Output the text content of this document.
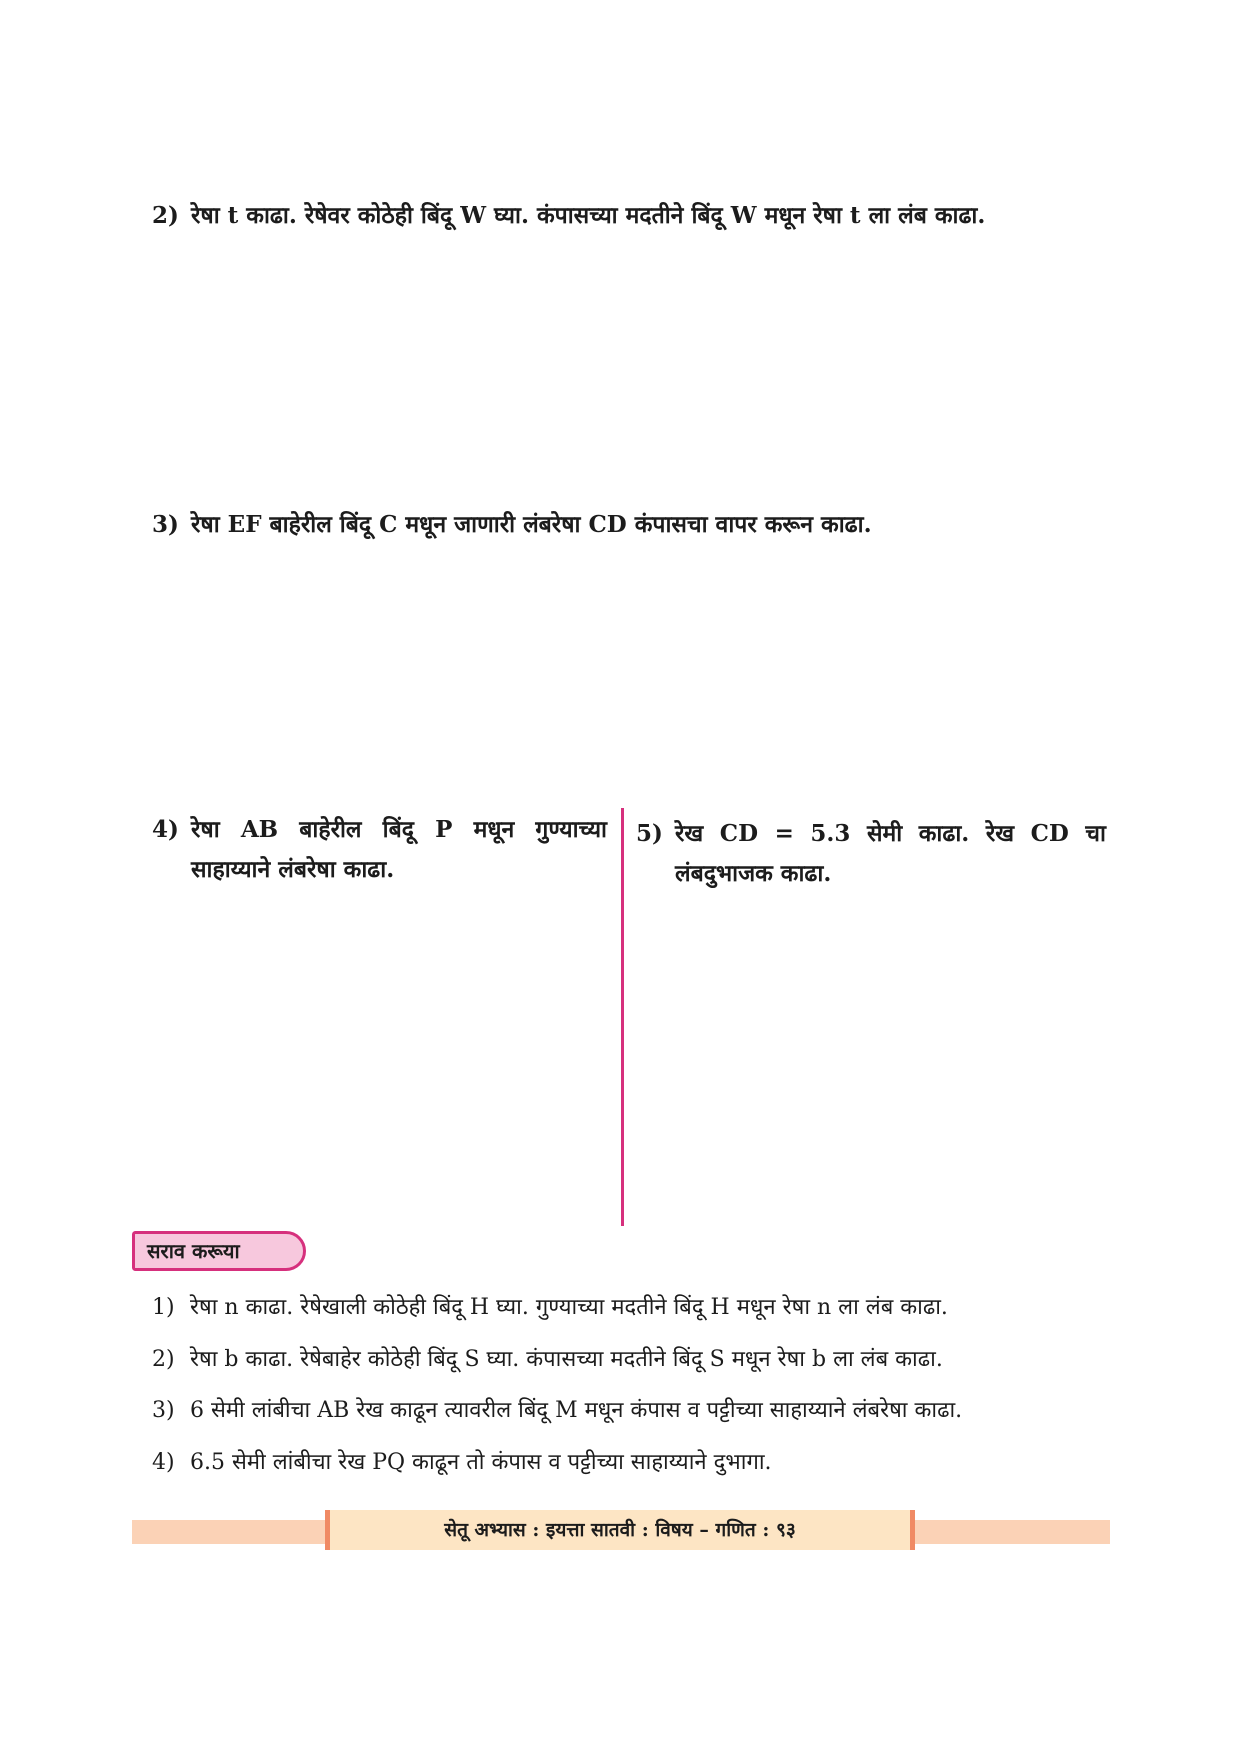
2) रेषा t काढा. रेषेवर कोठेही बिंदू W घ्या. कंपासच्या मदतीने बिंदू W मधून रेषा t ला लंब काढा.
3) रेषा EF बाहेरील बिंदू C मधून जाणारी लंबरेषा CD कंपासचा वापर करून काढा.
4) रेषा AB बाहेरील बिंदू P मधून गुण्याच्या साहाय्याने लंबरेषा काढा.
5) रेख CD = 5.3 सेमी काढा. रेख CD चा लंबदुभाजक काढा.
सराव करूया
1) रेषा n काढा. रेषेखाली कोठेही बिंदू H घ्या. गुण्याच्या मदतीने बिंदू H मधून रेषा n ला लंब काढा.
2) रेषा b काढा. रेषेबाहेर कोठेही बिंदू S घ्या. कंपासच्या मदतीने बिंदू S मधून रेषा b ला लंब काढा.
3) 6 सेमी लांबीचा AB रेख काढून त्यावरील बिंदू M मधून कंपास व पट्टीच्या साहाय्याने लंबरेषा काढा.
4) 6.5 सेमी लांबीचा रेख PQ काढून तो कंपास व पट्टीच्या साहाय्याने दुभागा.
सेतू अभ्यास : इयत्ता सातवी : विषय – गणित : ९३
